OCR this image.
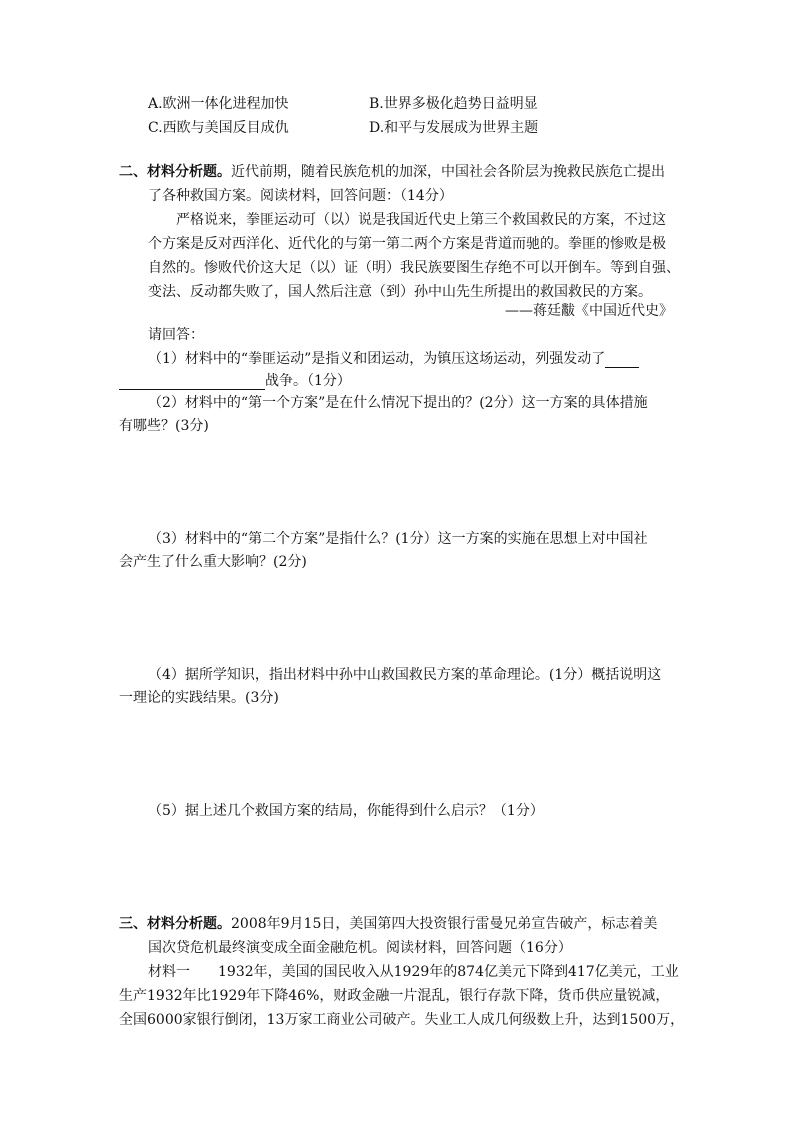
A.欧洲一体化进程加快	B.世界多极化趋势日益明显
C.西欧与美国反目成仇	D.和平与发展成为世界主题
二、材料分析题。近代前期，随着民族危机的加深，中国社会各阶层为挽救民族危亡提出
了各种救国方案。阅读材料，回答问题：（14分）
严格说来，拳匪运动可（以）说是我国近代史上第三个救国救民的方案，不过这
个方案是反对西洋化、近代化的与第一第二两个方案是背道而驰的。拳匪的惨败是极
自然的。惨败代价这大足（以）证（明）我民族要图生存绝不可以开倒车。等到自强、
变法、反动都失败了，国人然后注意（到）孙中山先生所提出的救国救民的方案。
——蒋廷黻《中国近代史》
请回答：
（1）材料中的“拳匪运动”是指义和团运动，为镇压这场运动，列强发动了
战争。（1分）
（2）材料中的“第一个方案”是在什么情况下提出的？(2分）这一方案的具体措施
有哪些？(3分)
（3）材料中的“第二个方案”是指什么？(1分）这一方案的实施在思想上对中国社
会产生了什么重大影响？(2分)
（4）据所学知识，指出材料中孙中山救国救民方案的革命理论。(1分）概括说明这
一理论的实践结果。(3分)
（5）据上述几个救国方案的结局，你能得到什么启示？（1分）
三、材料分析题。2008年9月15日，美国第四大投资银行雷曼兄弟宣告破产，标志着美
国次贷危机最终演变成全面金融危机。阅读材料，回答问题（16分）
材料一 1932年，美国的国民收入从1929年的874亿美元下降到417亿美元，工业
生产1932年比1929年下降46%，财政金融一片混乱，银行存款下降，货币供应量锐减，
全国6000家银行倒闭，13万家工商业公司破产。失业工人成几何级数上升，达到1500万，
